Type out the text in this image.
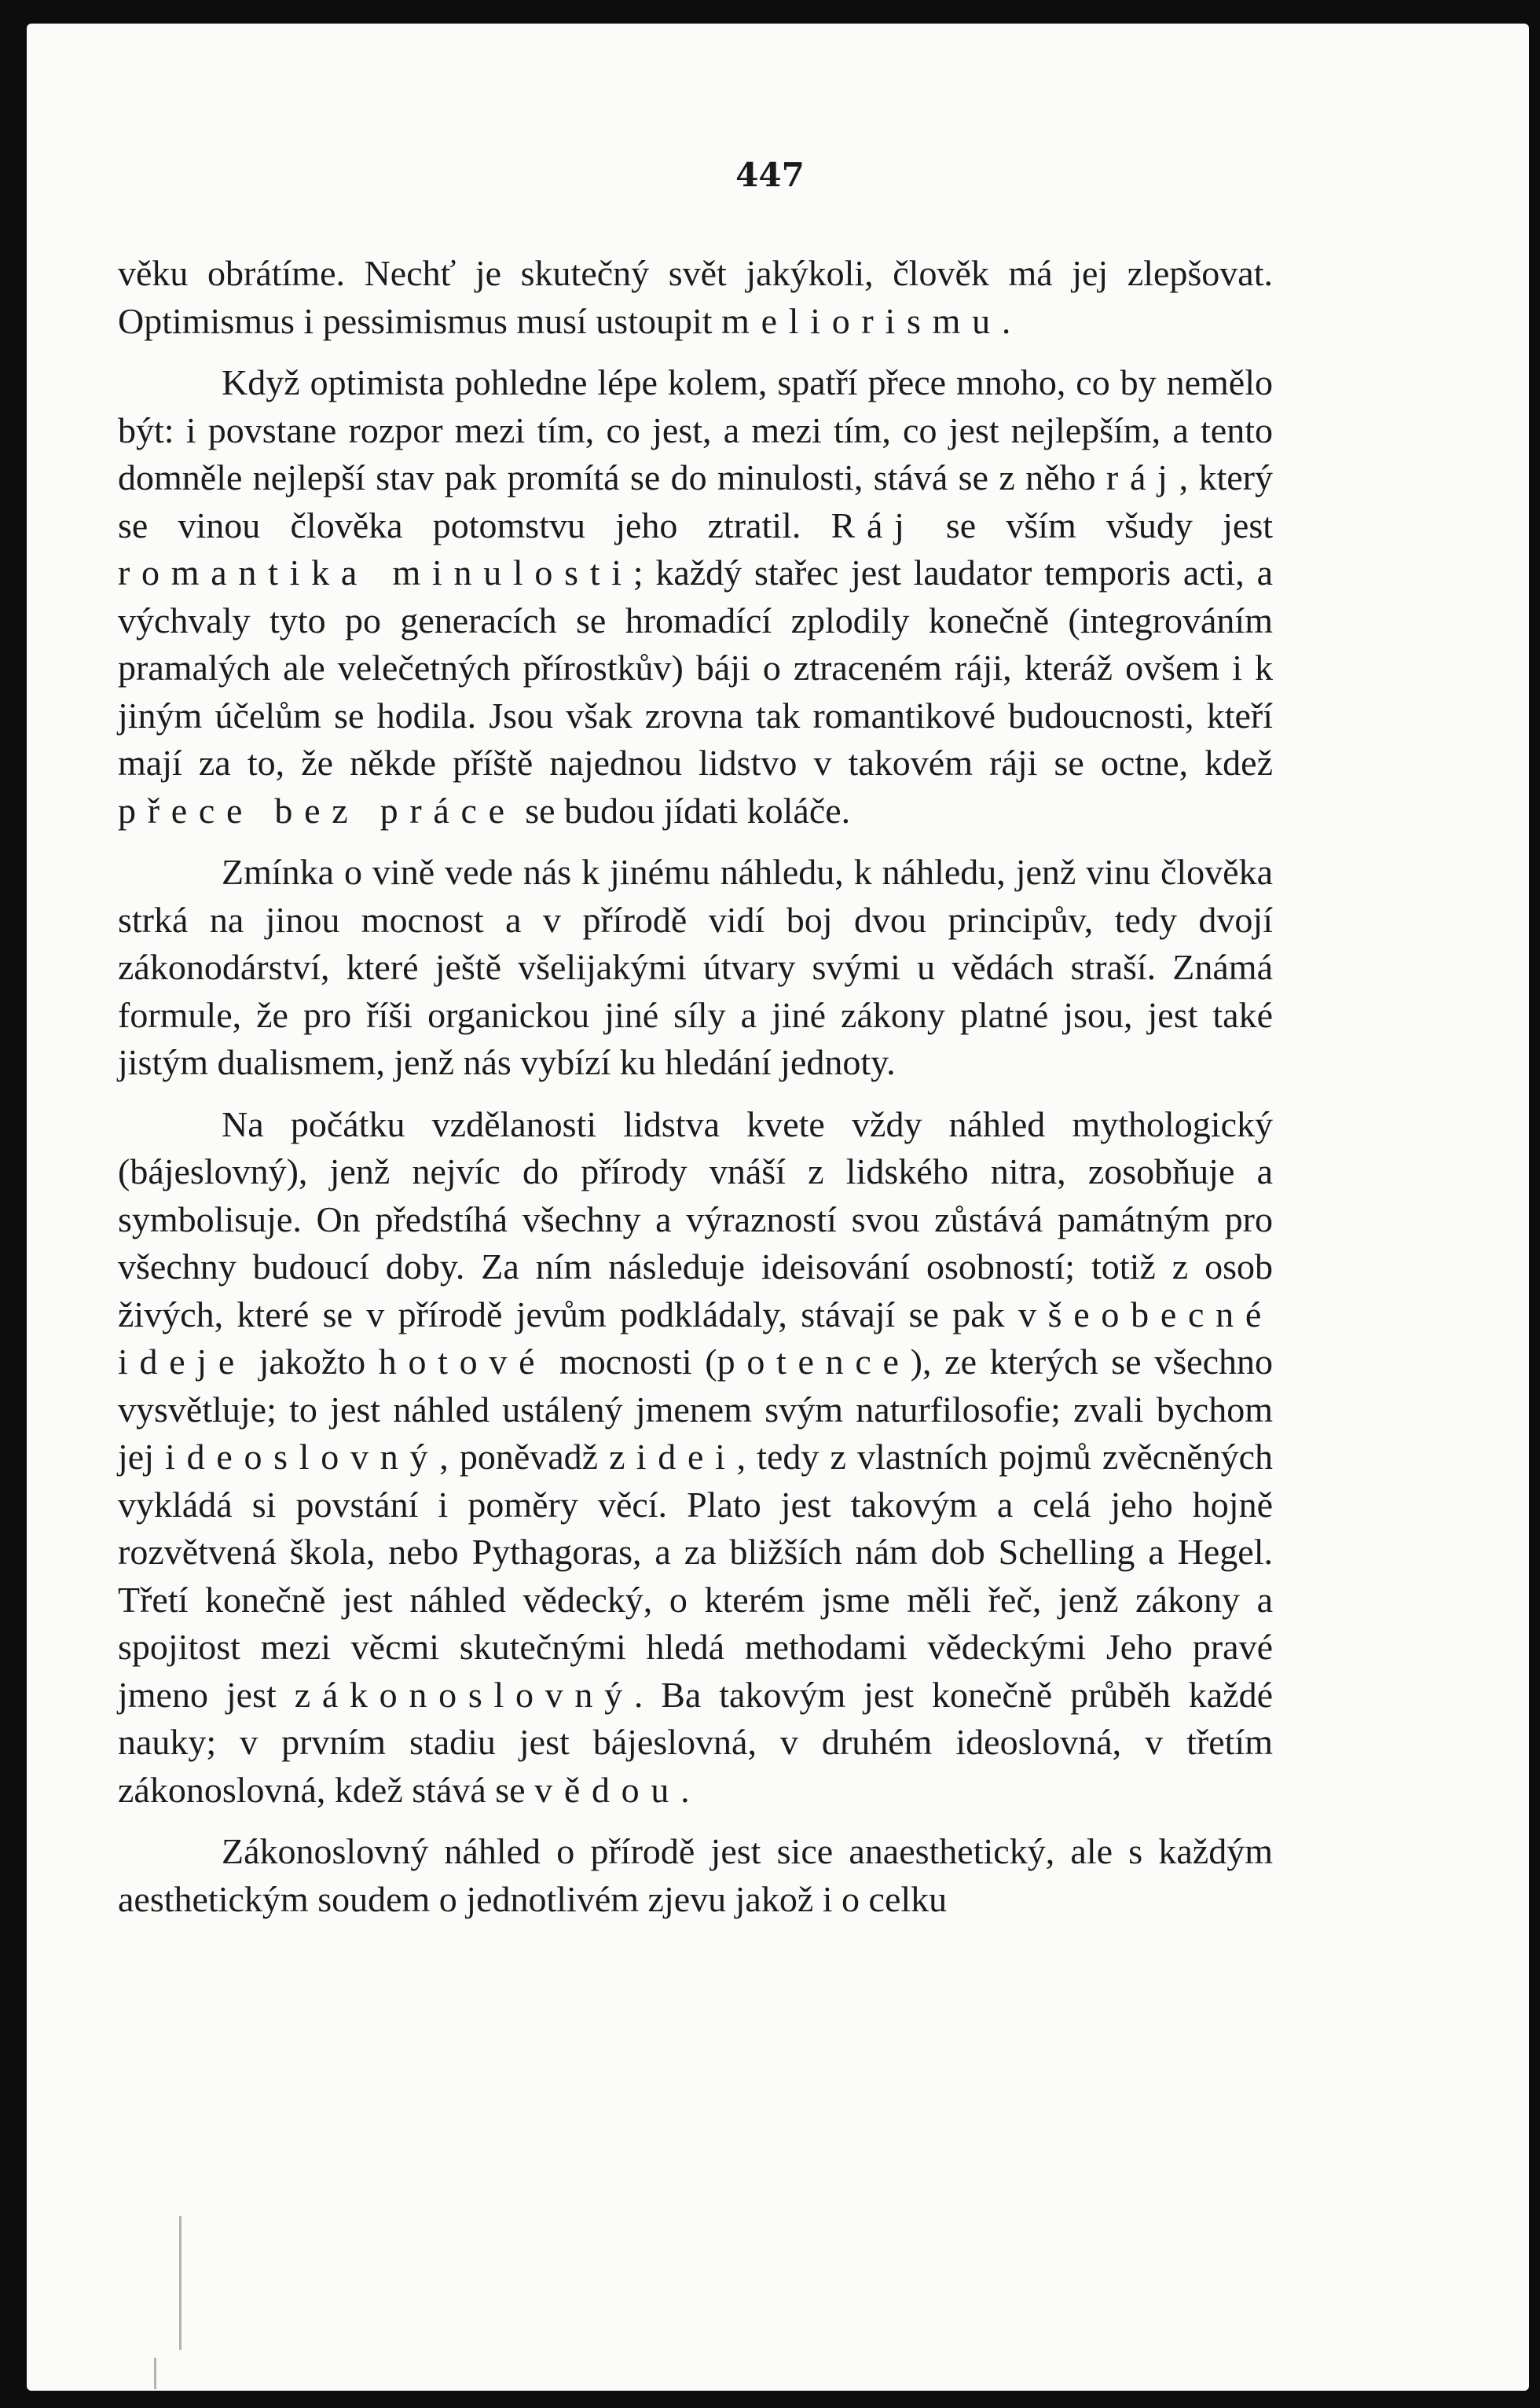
447

věku obrátíme. Nechť je skutečný svět jakýkoli, člověk má jej zlepšovat. Optimismus i pessimismus musí ustoupit meliorismu.

Když optimista pohledne lépe kolem, spatří přece mnoho, co by nemělo být: i povstane rozpor mezi tím, co jest, a mezi tím, co jest nejlepším, a tento domněle nejlepší stav pak promítá se do minulosti, stává se z něho ráj, který se vinou člověka potomstvu jeho ztratil. Ráj se vším všudy jest romantika minulosti; každý stařec jest laudator temporis acti, a výchvaly tyto po generacích se hromadící zplodily konečně (integrováním pramalých ale velečetných přírostkův) báji o ztraceném ráji, kteráž ovšem i k jiným účelům se hodila. Jsou však zrovna tak romantikové budoucnosti, kteří mají za to, že někde příště najednou lidstvo v takovém ráji se octne, kdež přece bez práce se budou jídati koláče.

Zmínka o vině vede nás k jinému náhledu, k náhledu, jenž vinu člověka strká na jinou mocnost a v přírodě vidí boj dvou principův, tedy dvojí zákonodárství, které ještě všelijakými útvary svými u vědách straší. Známá formule, že pro říši organickou jiné síly a jiné zákony platné jsou, jest také jistým dualismem, jenž nás vybízí ku hledání jednoty.

Na počátku vzdělanosti lidstva kvete vždy náhled mythologický (bájeslovný), jenž nejvíc do přírody vnáší z lidského nitra, zosobňuje a symbolisuje. On předstíhá všechny a výrazností svou zůstává památným pro všechny budoucí doby. Za ním následuje ideisování osobností; totiž z osob živých, které se v přírodě jevům podkládaly, stávají se pak všeobecné ideje jakožto hotové mocnosti (potence), ze kterých se všechno vysvětluje; to jest náhled ustálený jmenem svým naturfilosofie; zvali bychom jej ideoslovný, poněvadž z idei, tedy z vlastních pojmů zvěcněných vykládá si povstání i poměry věcí. Plato jest takovým a celá jeho hojně rozvětvená škola, nebo Pythagoras, a za bližších nám dob Schelling a Hegel. Třetí konečně jest náhled vědecký, o kterém jsme měli řeč, jenž zákony a spojitost mezi věcmi skutečnými hledá methodami vědeckými Jeho pravé jmeno jest zákonoslovný. Ba takovým jest konečně průběh každé nauky; v prvním stadiu jest bájeslovná, v druhém ideoslovná, v třetím zákonoslovná, kdež stává se vědou.

Zákonoslovný náhled o přírodě jest sice anaesthetický, ale s každým aesthetickým soudem o jednotlivém zjevu jakož i o celku
